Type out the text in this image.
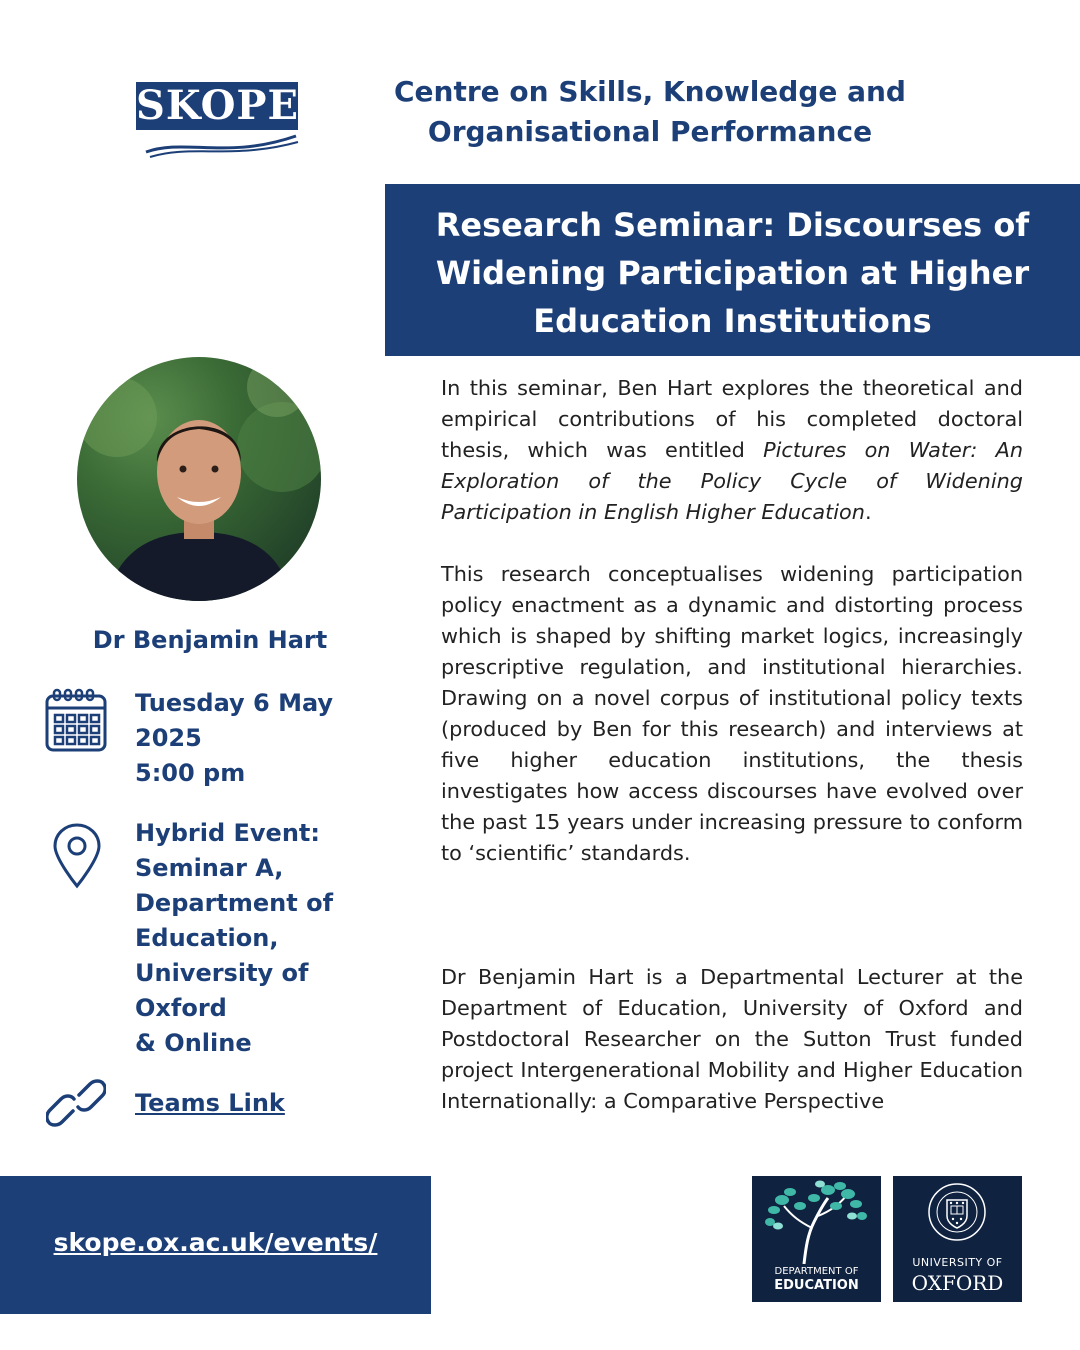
SKOPE	Centre on Skills, Knowledge and
Organisational Performance
Research Seminar: Discourses of Widening Participation at Higher Education Institutions
Dr Benjamin Hart
Tuesday 6 May
2025
5:00 pm
Hybrid Event:
Seminar A,
Department of
Education,
University of
Oxford
& Online
Teams Link

In this seminar, Ben Hart explores the theoretical and empirical contributions of his completed doctoral thesis, which was entitled Pictures on Water: An Exploration of the Policy Cycle of Widening Participation in English Higher Education.

This research conceptualises widening participation policy enactment as a dynamic and distorting process which is shaped by shifting market logics, increasingly prescriptive regulation, and institutional hierarchies. Drawing on a novel corpus of institutional policy texts (produced by Ben for this research) and interviews at five higher education institutions, the thesis investigates how access discourses have evolved over the past 15 years under increasing pressure to conform to ‘scientific’ standards.

Dr Benjamin Hart is a Departmental Lecturer at the Department of Education, University of Oxford and Postdoctoral Researcher on the Sutton Trust funded project Intergenerational Mobility and Higher Education Internationally: a Comparative Perspective

skope.ox.ac.uk/events/
DEPARTMENT OF
EDUCATION
UNIVERSITY OF
OXFORD
